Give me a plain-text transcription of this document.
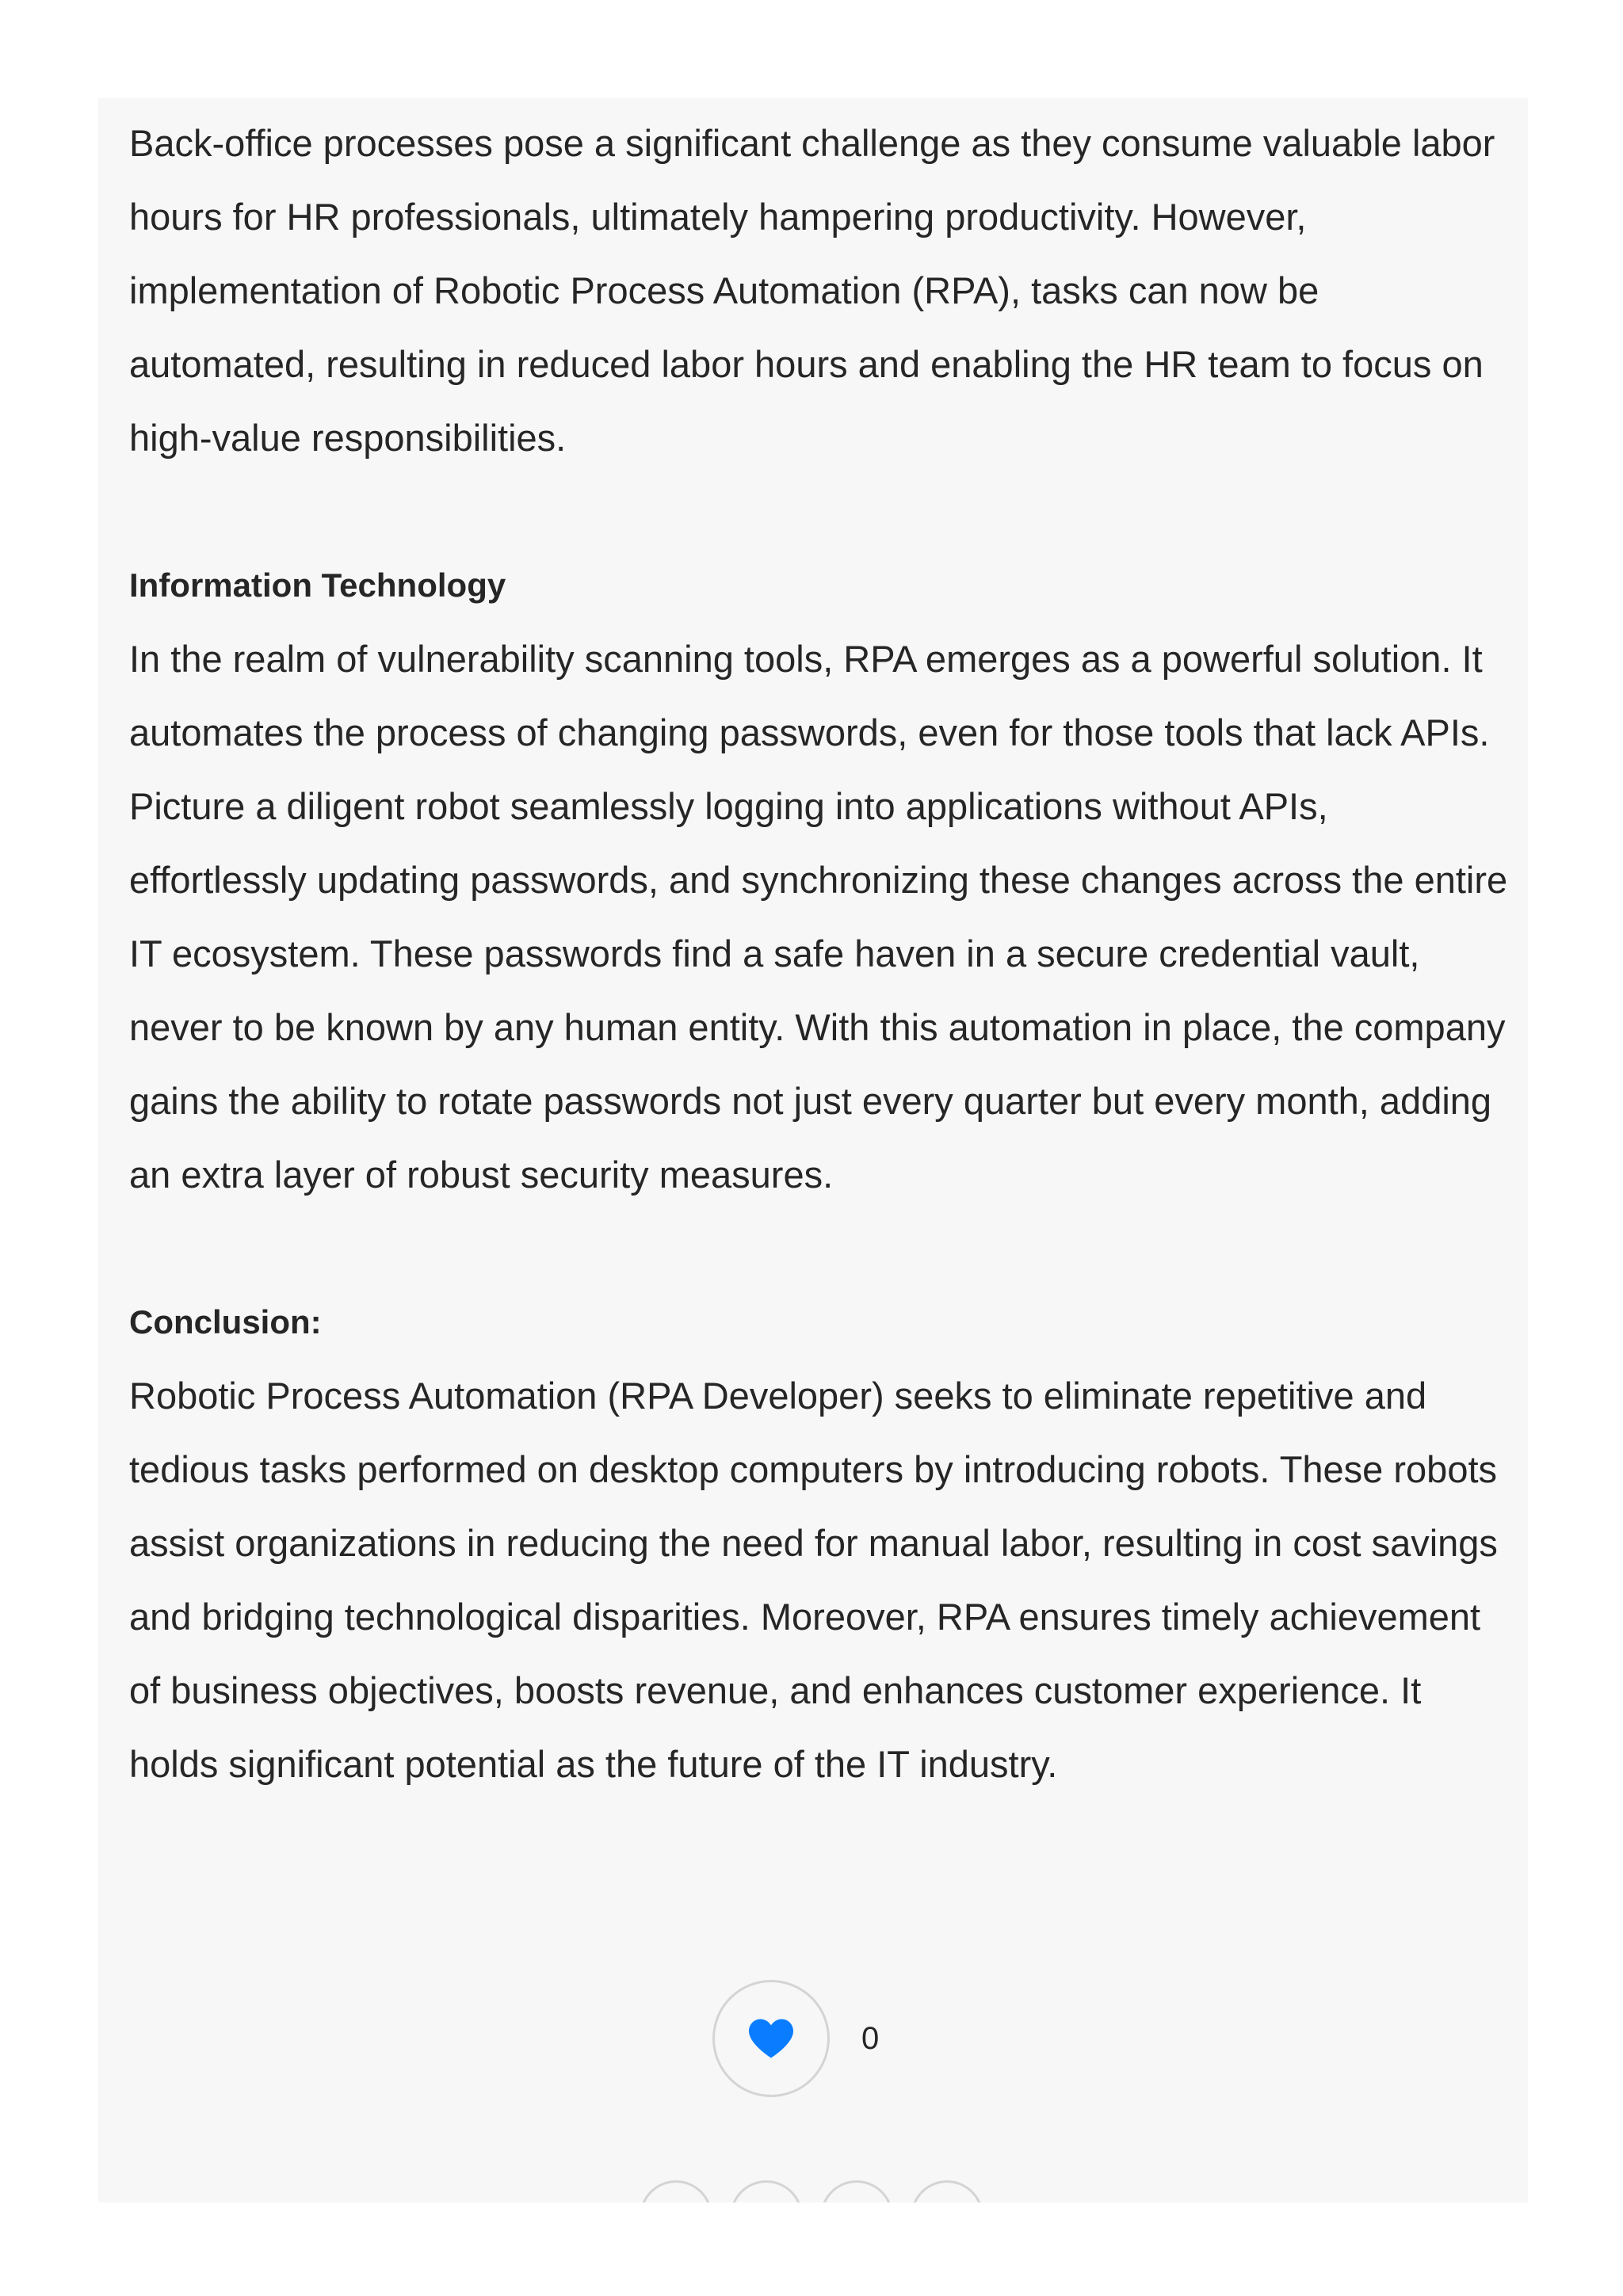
Back-office processes pose a significant challenge as they consume valuable labor hours for HR professionals, ultimately hampering productivity. However, implementation of Robotic Process Automation (RPA), tasks can now be automated, resulting in reduced labor hours and enabling the HR team to focus on high-value responsibilities.

Information Technology

In the realm of vulnerability scanning tools, RPA emerges as a powerful solution. It automates the process of changing passwords, even for those tools that lack APIs. Picture a diligent robot seamlessly logging into applications without APIs, effortlessly updating passwords, and synchronizing these changes across the entire IT ecosystem. These passwords find a safe haven in a secure credential vault, never to be known by any human entity. With this automation in place, the company gains the ability to rotate passwords not just every quarter but every month, adding an extra layer of robust security measures.

Conclusion:

Robotic Process Automation (RPA Developer) seeks to eliminate repetitive and tedious tasks performed on desktop computers by introducing robots. These robots assist organizations in reducing the need for manual labor, resulting in cost savings and bridging technological disparities. Moreover, RPA ensures timely achievement of business objectives, boosts revenue, and enhances customer experience. It holds significant potential as the future of the IT industry.

0
